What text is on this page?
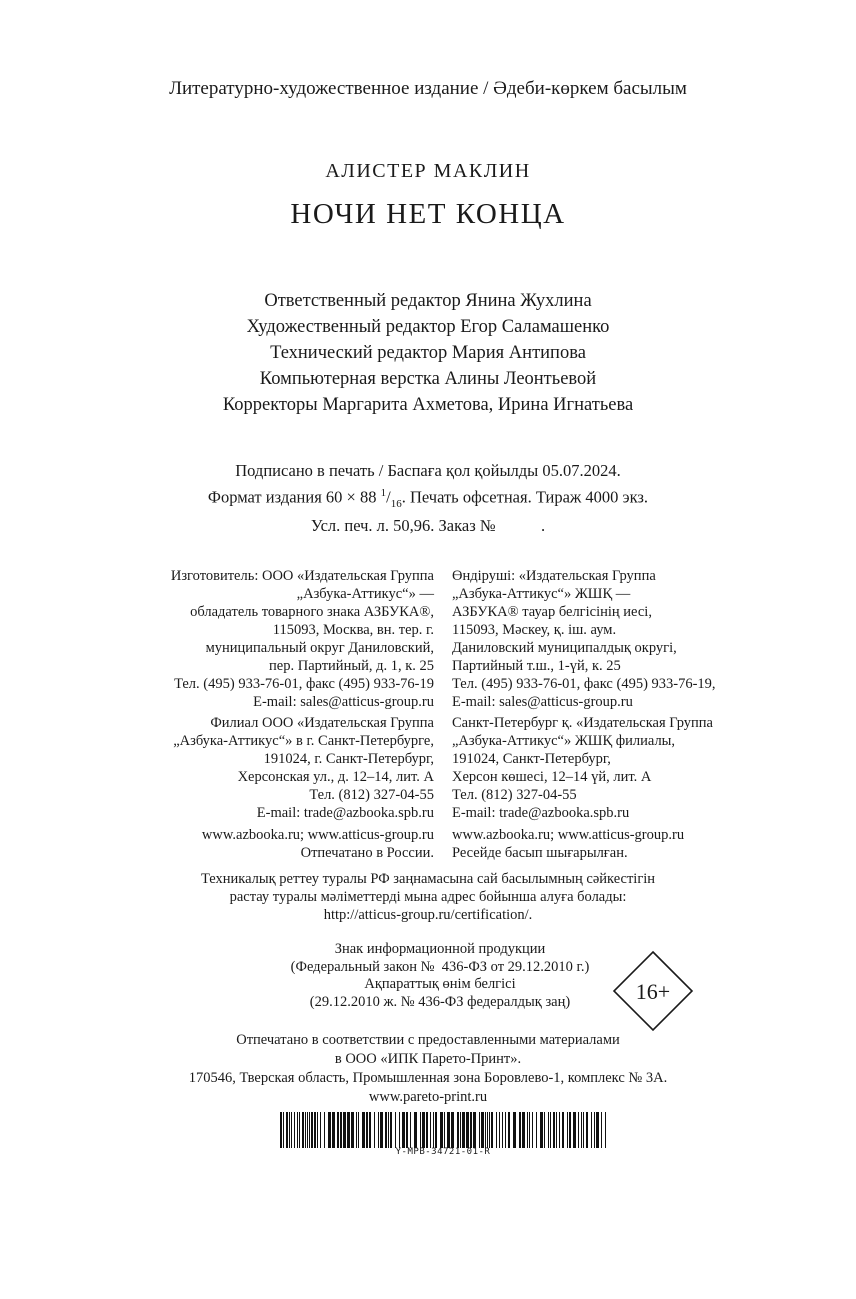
Литературно-художественное издание / Әдеби-көркем басылым
АЛИСТЕР МАКЛИН
НОЧИ НЕТ КОНЦА
Ответственный редактор Янина Жухлина
Художественный редактор Егор Саламашенко
Технический редактор Мария Антипова
Компьютерная верстка Алины Леонтьевой
Корректоры Маргарита Ахметова, Ирина Игнатьева
Подписано в печать / Баспаға қол қойылды 05.07.2024.
Формат издания 60 × 88 $^1/_{16}$. Печать офсетная. Тираж 4000 экз.
Усл. печ. л. 50,96. Заказ №           .
Изготовитель: ООО «Издательская Группа
„Азбука-Аттикус“» —
обладатель товарного знака АЗБУКА®,
115093, Москва, вн. тер. г.
муниципальный округ Даниловский,
пер. Партийный, д. 1, к. 25
Тел. (495) 933-76-01, факс (495) 933-76-19
E-mail: sales@atticus-group.ru
Өндіруші: «Издательская Группа
„Азбука-Аттикус“» ЖШҚ —
АЗБУКА® тауар белгісінің иесі,
115093, Мәскеу, қ. іш. аум.
Даниловский муниципалдық округі,
Партийный т.ш., 1-үй, к. 25
Тел. (495) 933-76-01, факс (495) 933-76-19,
E-mail: sales@atticus-group.ru
Филиал ООО «Издательская Группа
„Азбука-Аттикус“» в г. Санкт-Петербурге,
191024, г. Санкт-Петербург,
Херсонская ул., д. 12–14, лит. А
Тел. (812) 327-04-55
E-mail: trade@azbooka.spb.ru
Санкт-Петербург қ. «Издательская Группа
„Азбука-Аттикус“» ЖШҚ филиалы,
191024, Санкт-Петербург,
Херсон көшесі, 12–14 үй, лит. А
Тел. (812) 327-04-55
E-mail: trade@azbooka.spb.ru
www.azbooka.ru; www.atticus-group.ru
Отпечатано в России.
www.azbooka.ru; www.atticus-group.ru
Ресейде басып шығарылған.
Техникалық реттеу туралы РФ заңнамасына сай басылымның сәйкестігін
растау туралы мәліметтерді мына адрес бойынша алуға болады:
http://atticus-group.ru/certification/.
Знак информационной продукции
(Федеральный закон №  436-ФЗ от 29.12.2010 г.)
Ақпараттық өнім белгісі
(29.12.2010 ж. № 436-ФЗ федералдық заң)	16+
Отпечатано в соответствии с предоставленными материалами
в ООО «ИПК Парето-Принт».
170546, Тверская область, Промышленная зона Боровлево-1, комплекс № 3А.
www.pareto-print.ru
Y-MPB-34721-01-R
